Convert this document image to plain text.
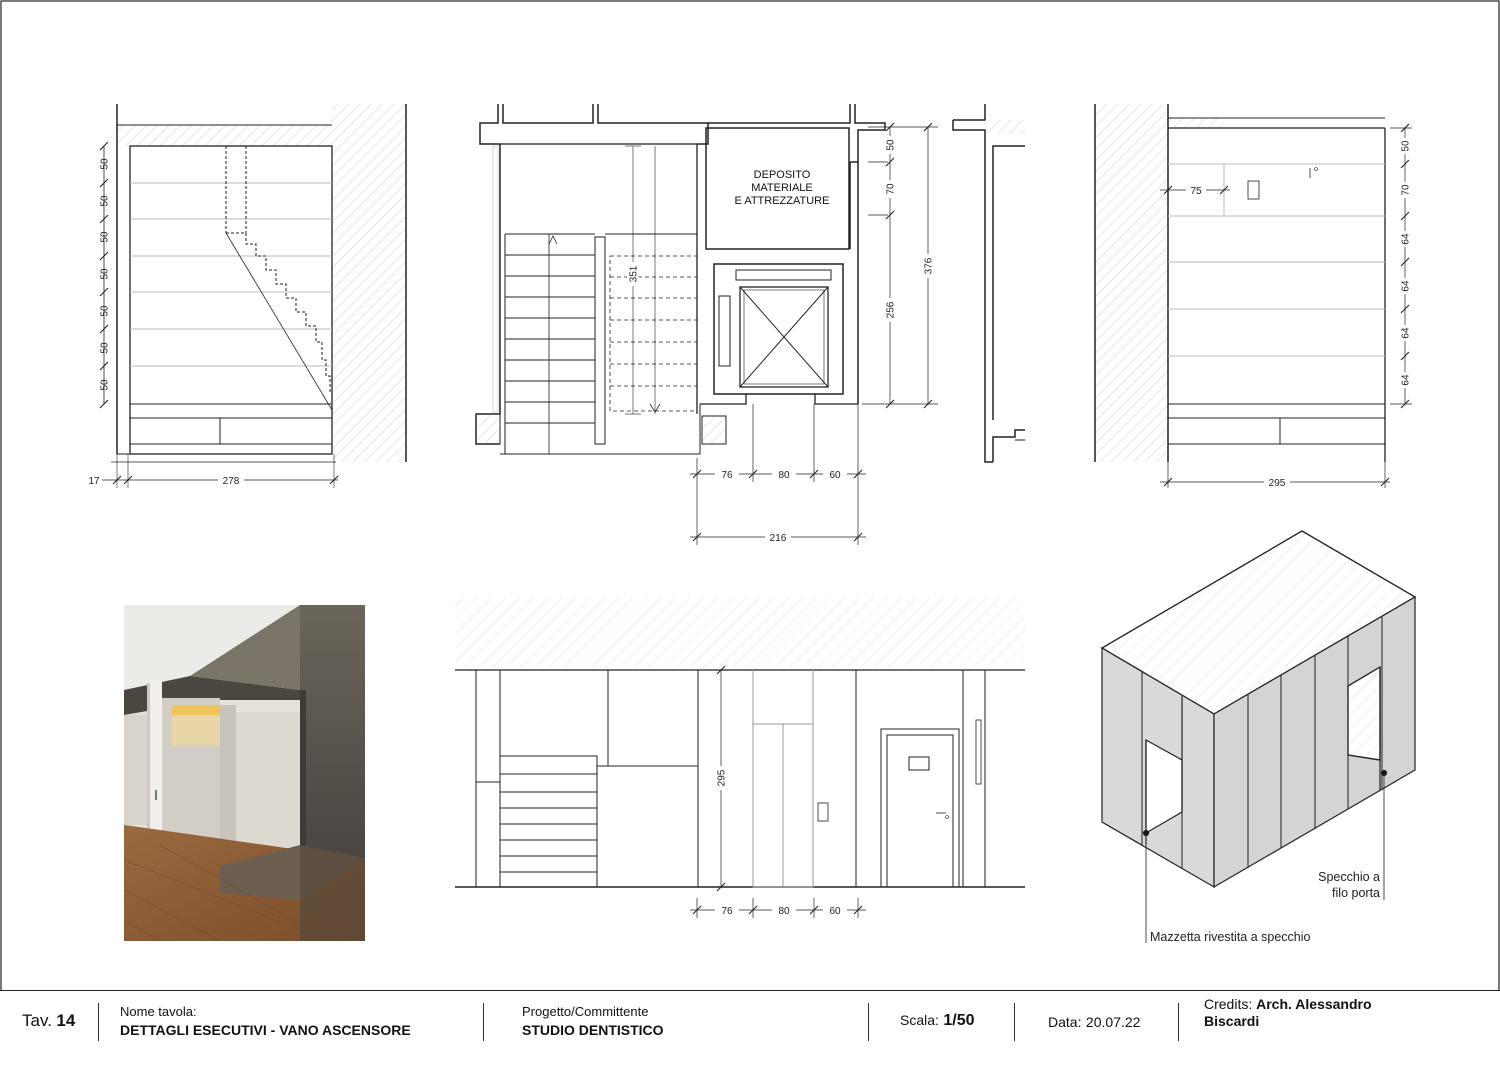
50
50
50
50
50
50
50
17	278
DEPOSITO
MATERIALE
E ATTREZZATURE
50
70
256
376
351
76	80	60
216
50
70
64
64
64
64
75
295
295
76	80	60
Specchio a
filo porta
Mazzetta rivestita a specchio
Tav. 14	Nome tavola:
DETTAGLI ESECUTIVI - VANO ASCENSORE
Progetto/Committente
STUDIO DENTISTICO
Scala: 1/50	Data: 20.07.22
Credits: Arch. Alessandro
Biscardi
